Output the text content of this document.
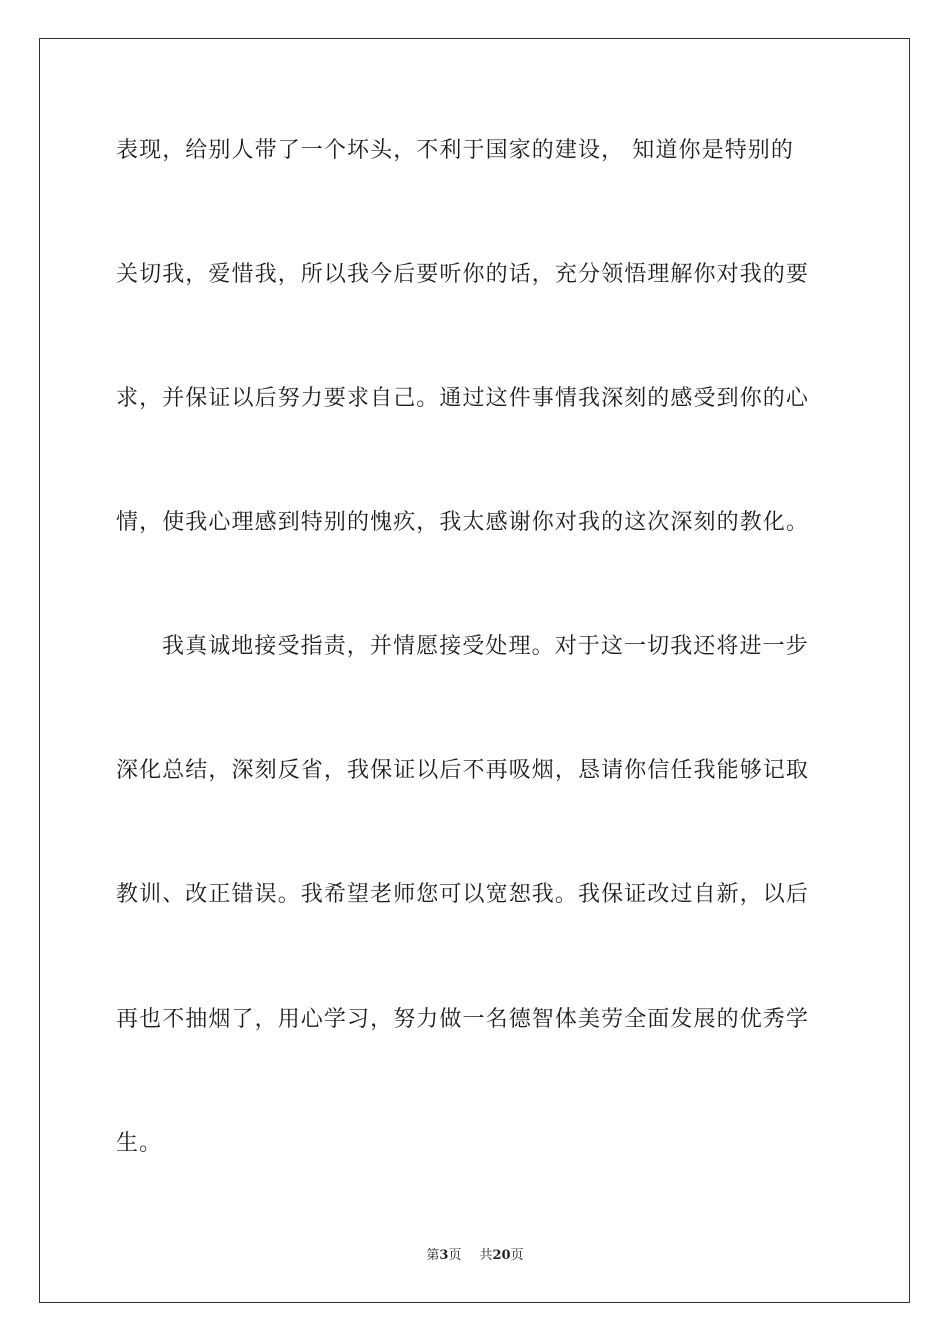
表现，给别人带了一个坏头，不利于国家的建设， 知道你是特别的
关切我，爱惜我，所以我今后要听你的话，充分领悟理解你对我的要
求，并保证以后努力要求自己。通过这件事情我深刻的感受到你的心
情，使我心理感到特别的愧疚，我太感谢你对我的这次深刻的教化。
我真诚地接受指责，并情愿接受处理。对于这一切我还将进一步
深化总结，深刻反省，我保证以后不再吸烟，恳请你信任我能够记取
教训、改正错误。我希望老师您可以宽恕我。我保证改过自新，以后
再也不抽烟了，用心学习，努力做一名德智体美劳全面发展的优秀学
生。
第3页 共20页
